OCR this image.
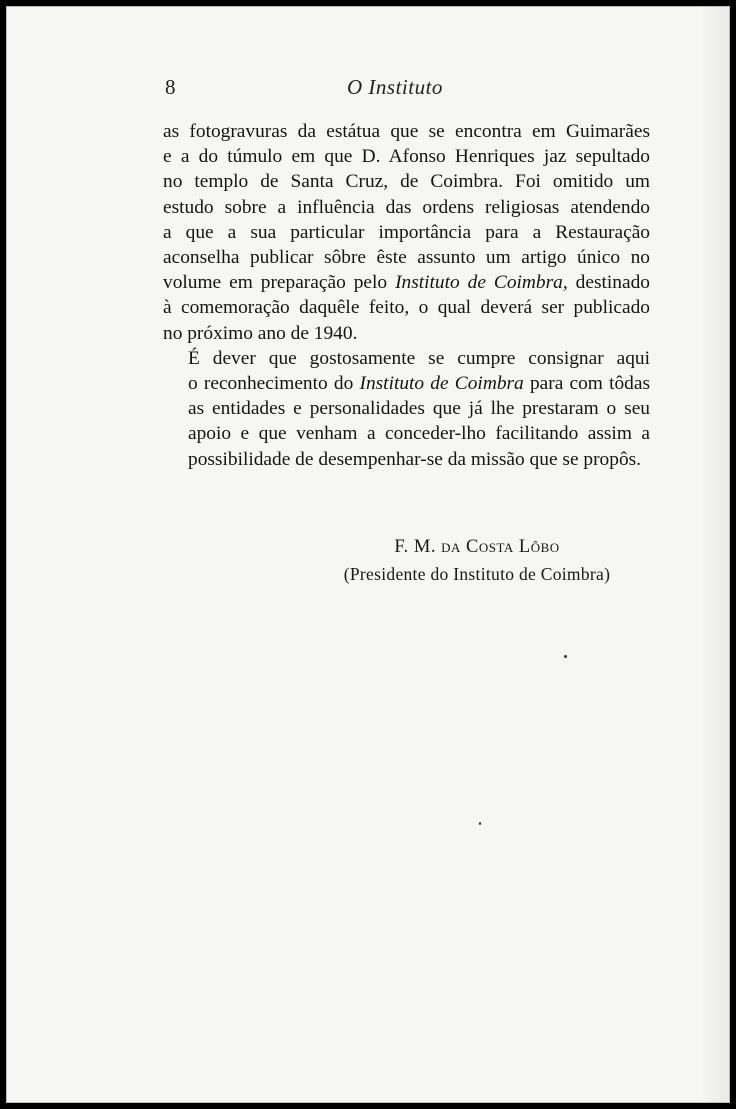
8	O Instituto

as fotogravuras da estátua que se encontra em Guimarães
e a do túmulo em que D. Afonso Henriques jaz sepultado
no templo de Santa Cruz, de Coimbra. Foi omitido um
estudo sobre a influência das ordens religiosas atendendo
a que a sua particular importância para a Restauração
aconselha publicar sôbre êste assunto um artigo único no
volume em preparação pelo Instituto de Coimbra, destinado
à comemoração daquêle feito, o qual deverá ser publicado
no próximo ano de 1940.

É dever que gostosamente se cumpre consignar aqui
o reconhecimento do Instituto de Coimbra para com tôdas
as entidades e personalidades que já lhe prestaram o seu
apoio e que venham a conceder-lho facilitando assim a
possibilidade de desempenhar-se da missão que se propôs.

F. M. da Costa Lôbo
(Presidente do Instituto de Coimbra)
